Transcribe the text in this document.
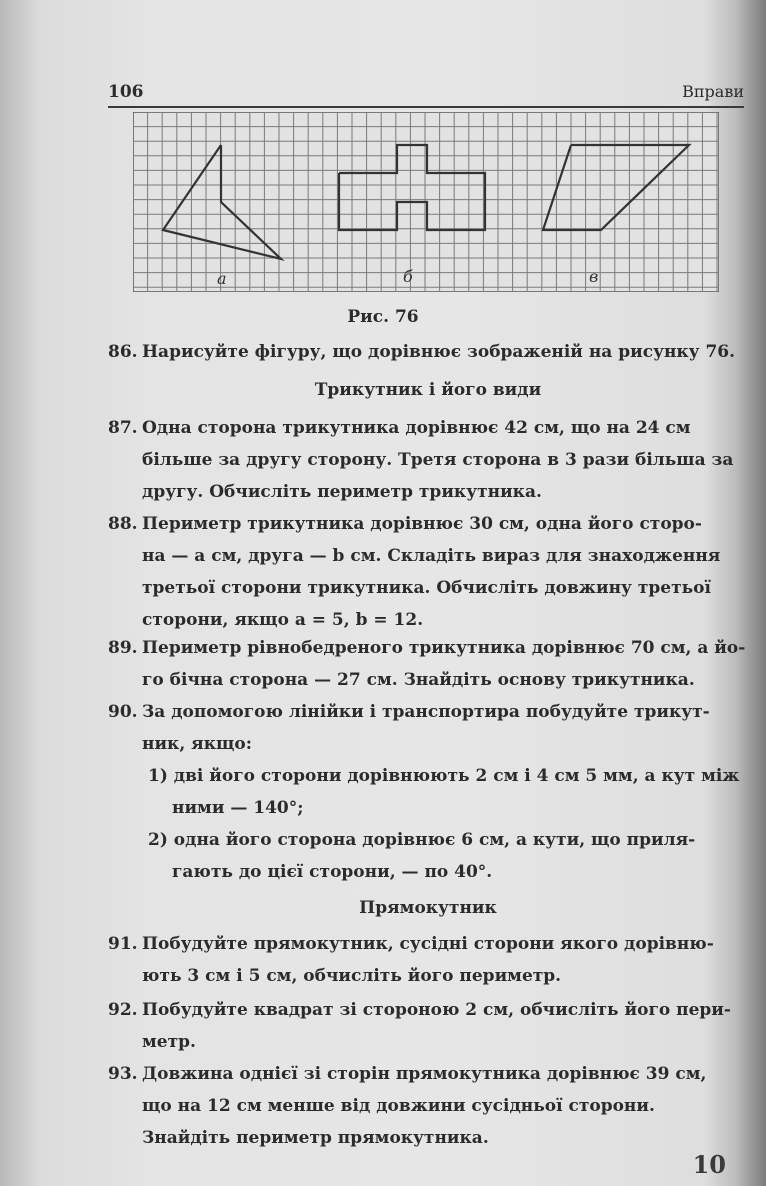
106	Вправи
а	б	в
Рис. 76
86. Нарисуйте фігуру, що дорівнює зображеній на рисунку 76.
Трикутник і його види
87. Одна сторона трикутника дорівнює 42 см, що на 24 см
більше за другу сторону. Третя сторона в 3 рази більша за
другу. Обчисліть периметр трикутника.
88. Периметр трикутника дорівнює 30 см, одна його сторо-
на — a см, друга — b см. Складіть вираз для знаходження
третьої сторони трикутника. Обчисліть довжину третьої
сторони, якщо a = 5, b = 12.
89. Периметр рівнобедреного трикутника дорівнює 70 см, а йо-
го бічна сторона — 27 см. Знайдіть основу трикутника.
90. За допомогою лінійки і транспортира побудуйте трикут-
ник, якщо:
1) дві його сторони дорівнюють 2 см і 4 см 5 мм, а кут між
ними — 140°;
2) одна його сторона дорівнює 6 см, а кути, що приля-
гають до цієї сторони, — по 40°.
Прямокутник
91. Побудуйте прямокутник, сусідні сторони якого дорівню-
ють 3 см і 5 см, обчисліть його периметр.
92. Побудуйте квадрат зі стороною 2 см, обчисліть його пери-
метр.
93. Довжина однієї зі сторін прямокутника дорівнює 39 см,
що на 12 см менше від довжини сусідньої сторони.
Знайдіть периметр прямокутника.
10
